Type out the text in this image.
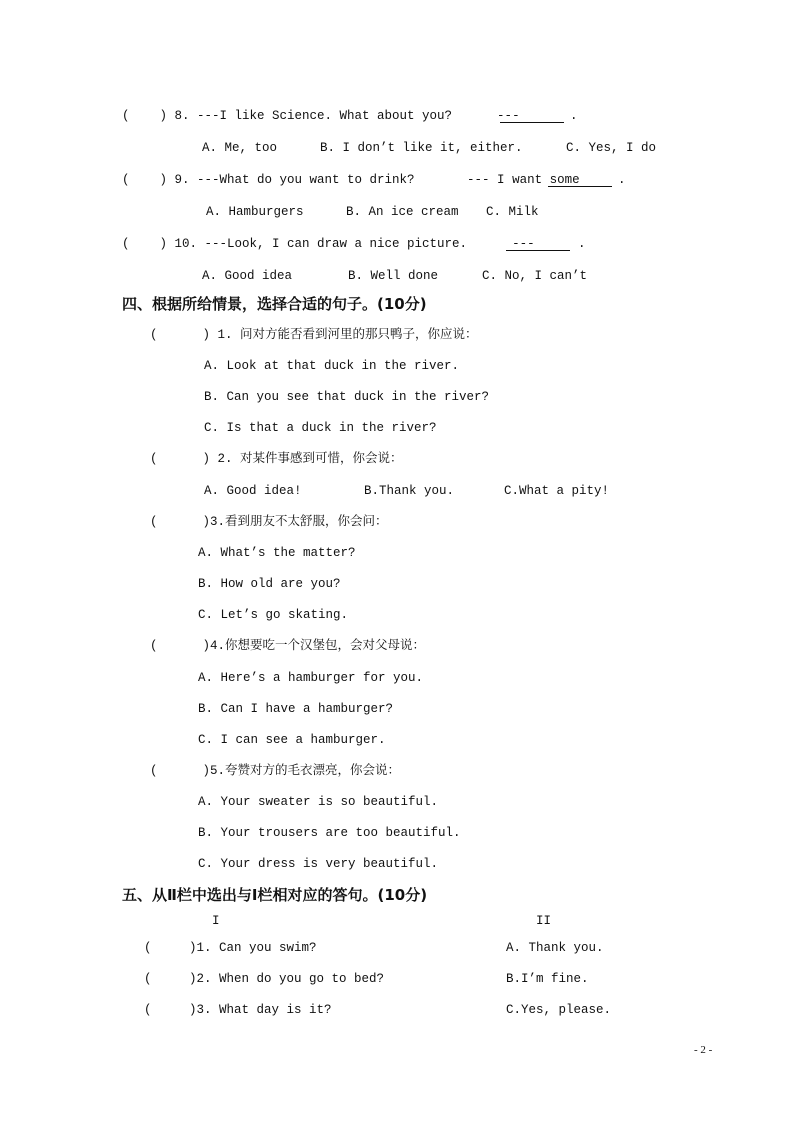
(    ) 8. ---I like Science. What about you?      ---	.
A. Me, too	B. I don’t like it, either.	C. Yes, I do
(    ) 9. ---What do you want to drink?       --- I want some	.
A. Hamburgers	B. An ice cream C. Milk
(    ) 10. ---Look, I can draw a nice picture.      ---	.
A. Good idea	B. Well done	C. No, I can’t
四、根据所给情景，选择合适的句子。(10分)
(      ) 1. 问对方能否看到河里的那只鸭子，你应说：
A. Look at that duck in the river.
B. Can you see that duck in the river?
C. Is that a duck in the river?
(      ) 2. 对某件事感到可惜，你会说：
A. Good idea!	B.Thank you.	C.What a pity!
(      )3.看到朋友不太舒服，你会问：
A. What’s the matter?
B. How old are you?
C. Let’s go skating.
(      )4.你想要吃一个汉堡包，会对父母说：
A. Here’s a hamburger for you.
B. Can I have a hamburger?
C. I can see a hamburger.
(      )5.夸赞对方的毛衣漂亮，你会说：
A. Your sweater is so beautiful.
B. Your trousers are too beautiful.
C. Your dress is very beautiful.
五、从Ⅱ栏中选出与Ⅰ栏相对应的答句。(10分)
I	II
(     )1. Can you swim?	A. Thank you.
(     )2. When do you go to bed?	B.I’m fine.
(     )3. What day is it?	C.Yes, please.
- 2 -
